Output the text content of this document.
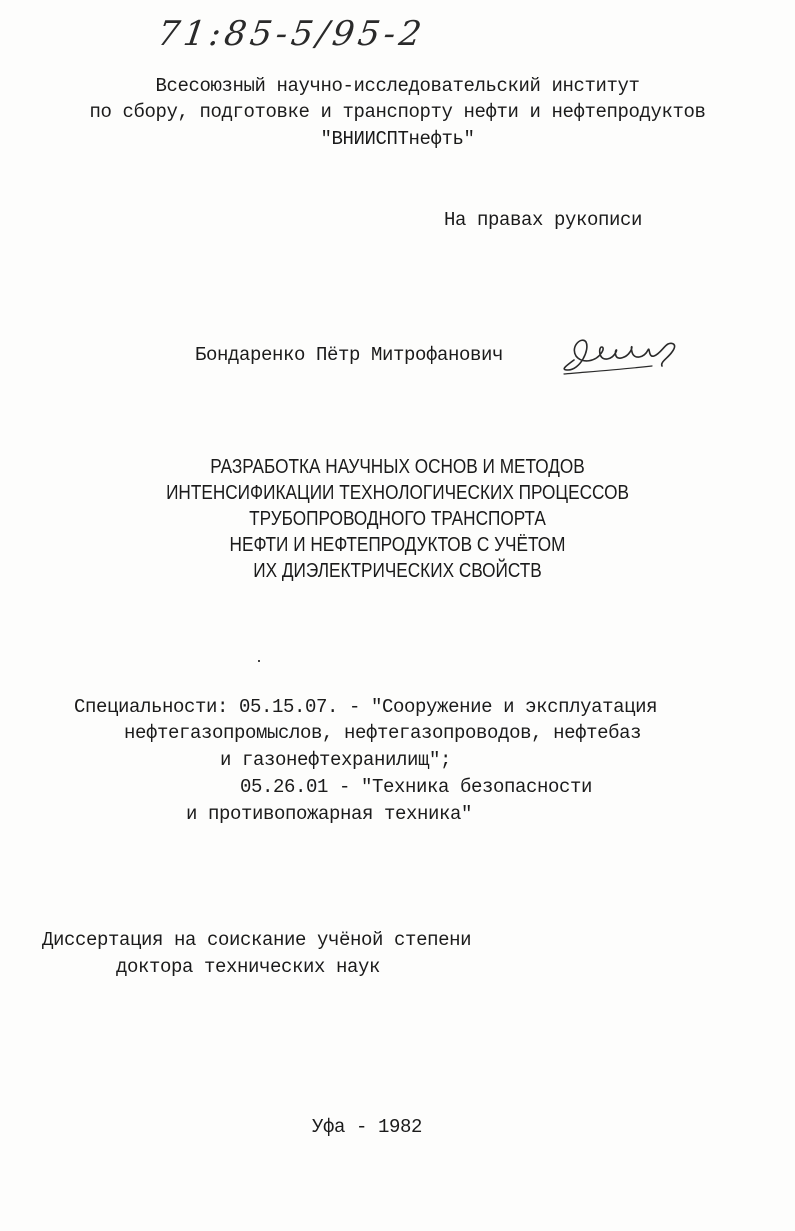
71:85-5/95-2
Всесоюзный научно-исследовательский институт
по сбору, подготовке и транспорту нефти и нефтепродуктов
"ВНИИСПТнефть"
На правах рукописи
Бондаренко Пётр Митрофанович
РАЗРАБОТКА НАУЧНЫХ ОСНОВ И МЕТОДОВ
ИНТЕНСИФИКАЦИИ ТЕХНОЛОГИЧЕСКИХ ПРОЦЕССОВ
ТРУБОПРОВОДНОГО ТРАНСПОРТА
НЕФТИ И НЕФТЕПРОДУКТОВ С УЧЁТОМ
ИХ ДИЭЛЕКТРИЧЕСКИХ СВОЙСТВ
Специальности: 05.15.07. - "Сооружение и эксплуатация
нефтегазопромыслов, нефтегазопроводов, нефтебаз
и газонефтехранилищ";
05.26.01 - "Техника безопасности
и противопожарная техника"
Диссертация на соискание учёной степени
доктора технических наук
Уфа - 1982
